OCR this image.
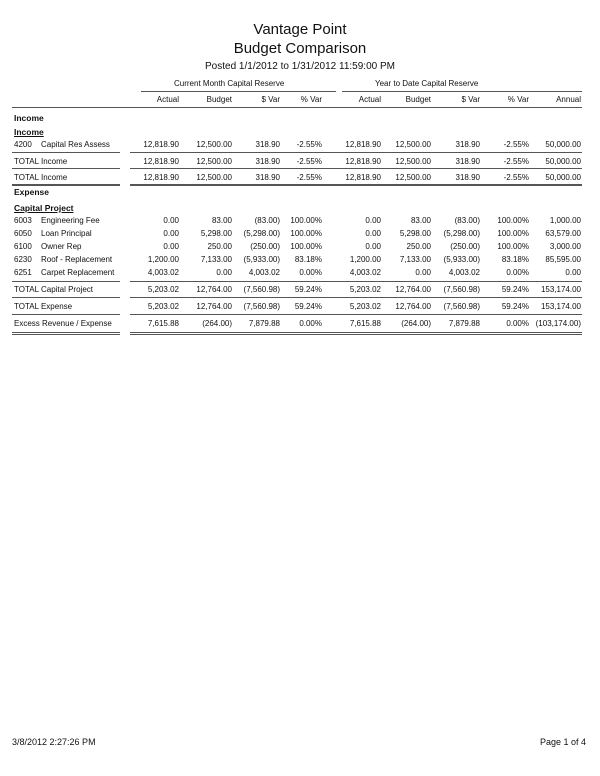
Vantage Point
Budget Comparison
Posted 1/1/2012 to 1/31/2012 11:59:00 PM
Current Month Capital Reserve	Year to Date Capital Reserve
Actual	Budget	$ Var	% Var	Actual	Budget	$ Var	% Var	Annual
Income
Income
Expense
Capital Project
4200 Capital Res Assess	12,818.90 12,500.00	318.90 -2.55%	12,818.90 12,500.00	318.90	-2.55% 50,000.00
TOTAL Income	12,818.90 12,500.00	318.90 -2.55%	12,818.90 12,500.00	318.90	-2.55% 50,000.00
TOTAL Income	12,818.90 12,500.00	318.90 -2.55%	12,818.90 12,500.00	318.90	-2.55% 50,000.00
6003 Engineering Fee	0.00	83.00	(83.00) 100.00%	0.00	83.00	(83.00) 100.00%	1,000.00
6050 Loan Principal	0.00	5,298.00 (5,298.00) 100.00%	0.00 5,298.00 (5,298.00) 100.00% 63,579.00
6100 Owner Rep	0.00	250.00 (250.00) 100.00%	0.00	250.00 (250.00) 100.00%	3,000.00
6230 Roof - Replacement	1,200.00	7,133.00 (5,933.00) 83.18%	1,200.00 7,133.00 (5,933.00)	83.18% 85,595.00
6251 Carpet Replacement	4,003.02	0.00 4,003.02 0.00%	4,003.02	0.00 4,003.02	0.00%	0.00
TOTAL Capital Project	5,203.02 12,764.00 (7,560.98) 59.24%	5,203.02 12,764.00 (7,560.98)	59.24% 153,174.00
TOTAL Expense	5,203.02 12,764.00 (7,560.98) 59.24%	5,203.02 12,764.00 (7,560.98)	59.24% 153,174.00
Excess Revenue / Expense	7,615.88	(264.00) 7,879.88 0.00%	7,615.88	(264.00) 7,879.88	0.00% (103,174.00)
3/8/2012 2:27:26 PM	Page 1 of 4
